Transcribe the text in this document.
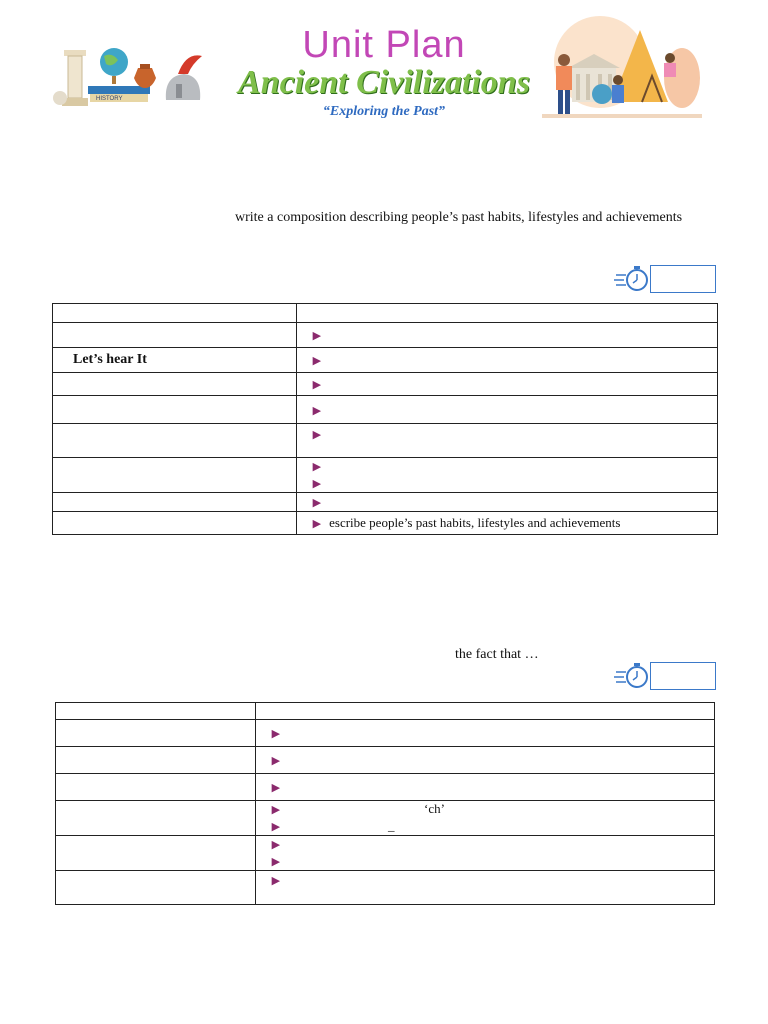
HISTORY
Unit Plan
Ancient Civilizations
“Exploring the Past”
write a composition describing people’s past habits, lifestyles and achievements

	▶
Let’s hear It	▶
	▶
	▶
	▶

	▶
▶

	▶
	▶ escribe people’s past habits, lifestyles and achievements
the fact that …

	▶
	▶
	▶

	▶ ‘ch’
▶ _

	▶
▶

	▶
